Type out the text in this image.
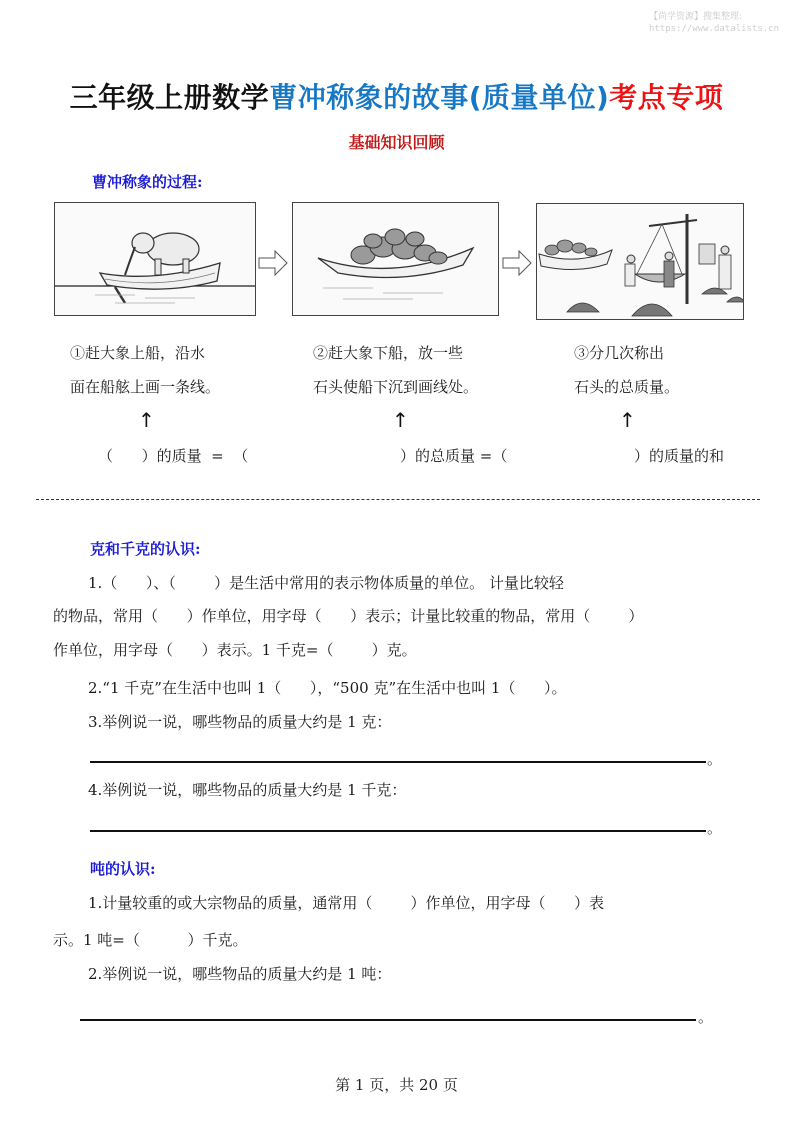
【尚学资源】搜集整理:
https://www.datalists.cn
三年级上册数学曹冲称象的故事(质量单位)考点专项
基础知识回顾
曹冲称象的过程:
①赶大象上船，沿水
面在船舷上画一条线。
②赶大象下船，放一些
石头使船下沉到画线处。
③分几次称出
石头的总质量。
↑	↑	↑
（      ）的质量  =  （	）的总质量 =（	）的质量的和
克和千克的认识:
1.（      ）、（        ）是生活中常用的表示物体质量的单位。 计量比较轻
的物品，常用（      ）作单位，用字母（      ）表示；计量比较重的物品，常用（        ）
作单位，用字母（      ）表示。1 千克=（        ）克。
2.“1 千克”在生活中也叫 1（      ），“500 克”在生活中也叫 1（      ）。
3.举例说一说，哪些物品的质量大约是 1 克：
。
4.举例说一说，哪些物品的质量大约是 1 千克：
。
吨的认识:
1.计量较重的或大宗物品的质量，通常用（        ）作单位，用字母（      ）表
示。1 吨=（          ）千克。
2.举例说一说，哪些物品的质量大约是 1 吨：
。
第 1 页，共 20 页
